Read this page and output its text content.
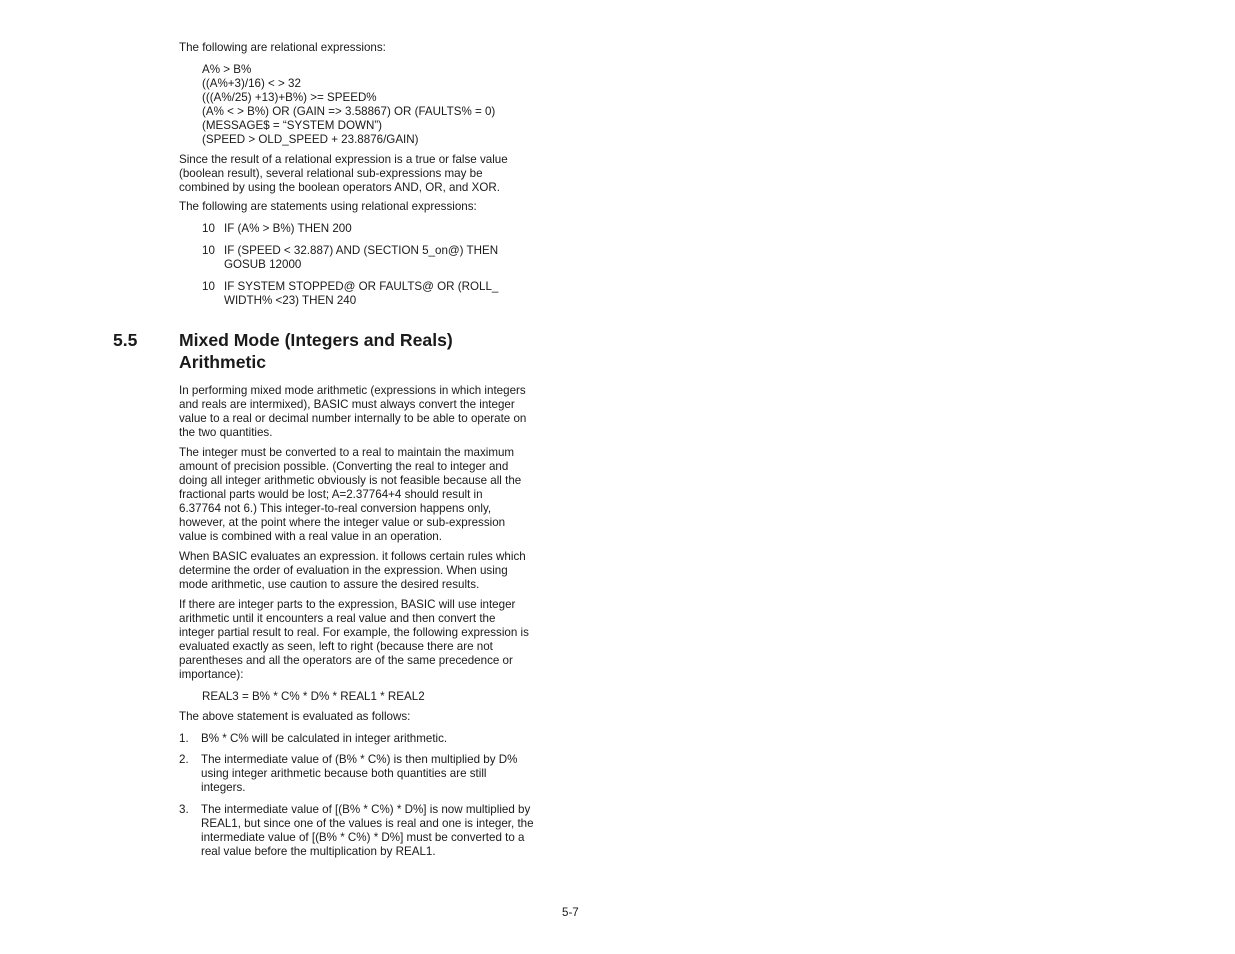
The following are relational expressions:

A% > B%
((A%+3)/16) < > 32
(((A%/25) +13)+B%) >= SPEED%
(A% < > B%) OR (GAIN => 3.58867) OR (FAULTS% = 0)
(MESSAGE$ = “SYSTEM DOWN”)
(SPEED > OLD_SPEED + 23.8876/GAIN)
Since the result of a relational expression is a true or false value
(boolean result), several relational sub-expressions may be
combined by using the boolean operators AND, OR, and XOR.

The following are statements using relational expressions:

10 IF (A% > B%) THEN 200
10 IF (SPEED < 32.887) AND (SECTION 5_on@) THEN
GOSUB 12000
10 IF SYSTEM STOPPED@ OR FAULTS@ OR (ROLL_
WIDTH% <23) THEN 240
5.5 Mixed Mode (Integers and Reals)
Arithmetic
In performing mixed mode arithmetic (expressions in which integers
and reals are intermixed), BASIC must always convert the integer
value to a real or decimal number internally to be able to operate on
the two quantities.
The integer must be converted to a real to maintain the maximum
amount of precision possible. (Converting the real to integer and
doing all integer arithmetic obviously is not feasible because all the
fractional parts would be lost; A=2.37764+4 should result in
6.37764 not 6.) This integer-to-real conversion happens only,
however, at the point where the integer value or sub-expression
value is combined with a real value in an operation.
When BASIC evaluates an expression. it follows certain rules which
determine the order of evaluation in the expression. When using
mode arithmetic, use caution to assure the desired results.
If there are integer parts to the expression, BASIC will use integer
arithmetic until it encounters a real value and then convert the
integer partial result to real. For example, the following expression is
evaluated exactly as seen, left to right (because there are not
parentheses and all the operators are of the same precedence or
importance):

REAL3 = B% * C% * D% * REAL1 * REAL2

The above statement is evaluated as follows:

1. B% * C% will be calculated in integer arithmetic.
2. The intermediate value of (B% * C%) is then multiplied by D%
using integer arithmetic because both quantities are still
integers.
3. The intermediate value of [(B% * C%) * D%] is now multiplied by
REAL1, but since one of the values is real and one is integer, the
intermediate value of [(B% * C%) * D%] must be converted to a
real value before the multiplication by REAL1.
5-7
